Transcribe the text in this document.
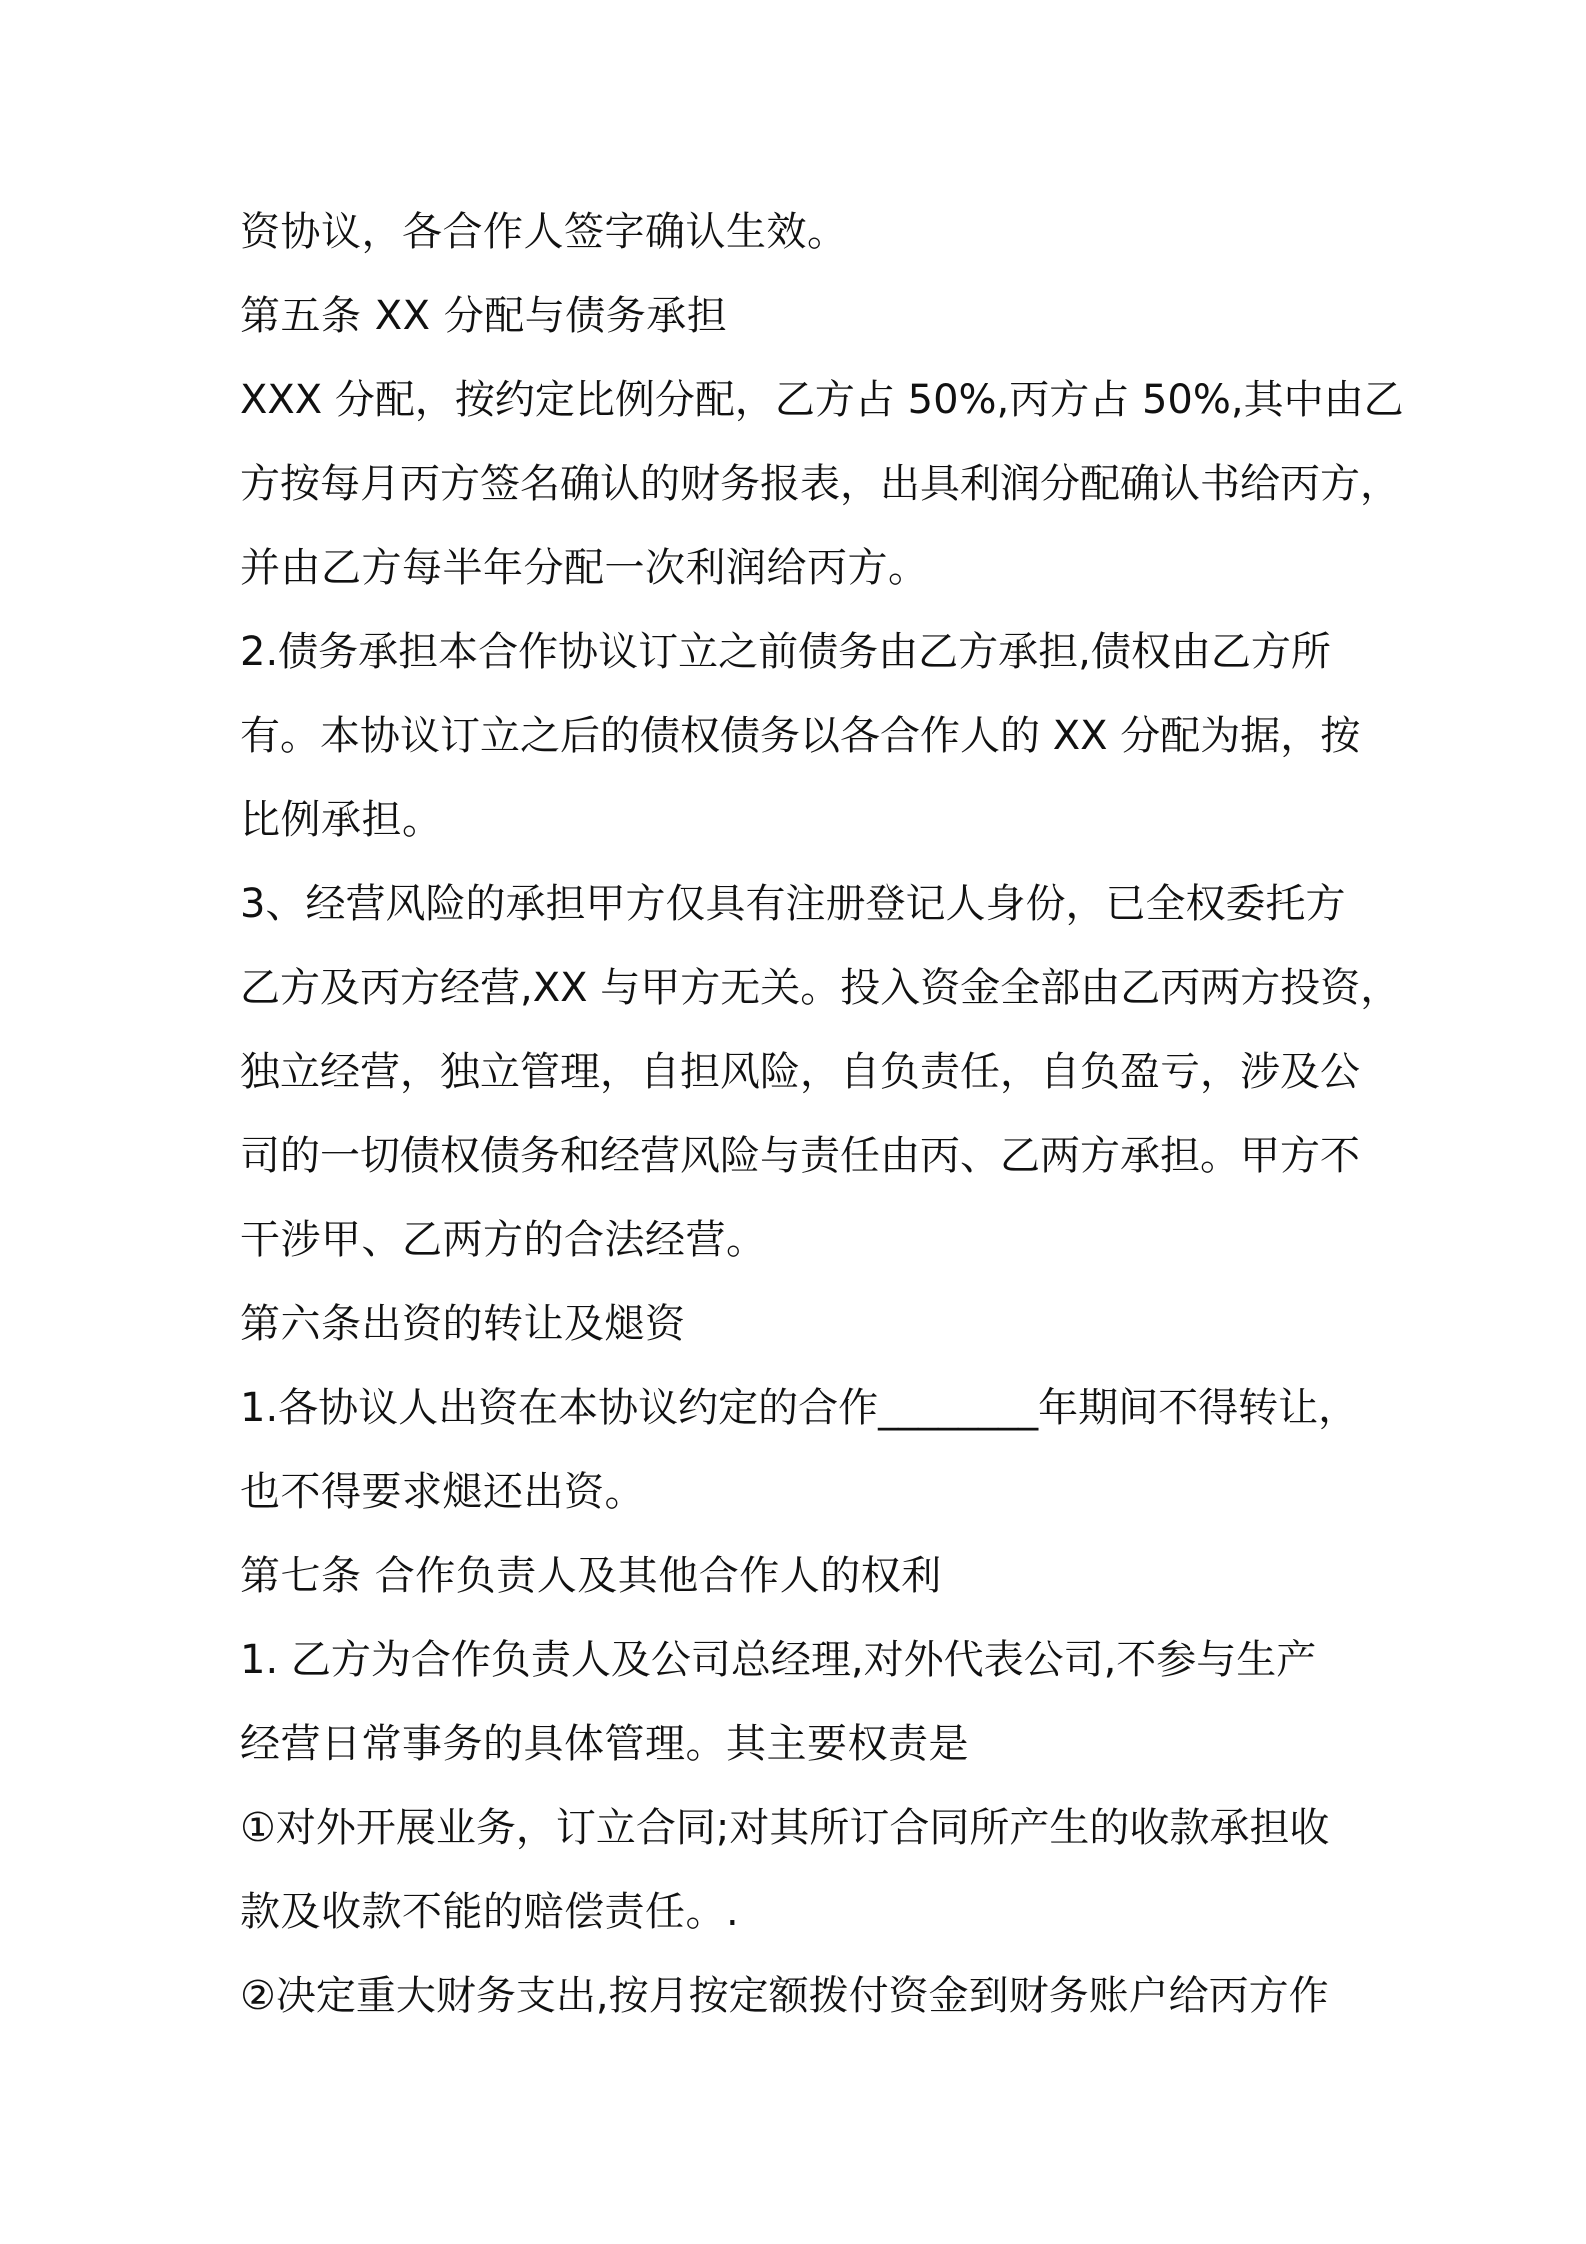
资协议，各合作人签字确认生效。
第五条 XX 分配与债务承担
XXX 分配，按约定比例分配，乙方占 50%,丙方占 50%,其中由乙
方按每月丙方签名确认的财务报表，出具利润分配确认书给丙方，
并由乙方每半年分配一次利润给丙方。
2.债务承担本合作协议订立之前债务由乙方承担,债权由乙方所
有。本协议订立之后的债权债务以各合作人的 XX 分配为据，按
比例承担。
3、经营风险的承担甲方仅具有注册登记人身份，已全权委托方
乙方及丙方经营,XX 与甲方无关。投入资金全部由乙丙两方投资，
独立经营，独立管理，自担风险，自负责任，自负盈亏，涉及公
司的一切债权债务和经营风险与责任由丙、乙两方承担。甲方不
干涉甲、乙两方的合法经营。
第六条出资的转让及煺资
1.各协议人出资在本协议约定的合作________年期间不得转让，
也不得要求煺还出资。
第七条 合作负责人及其他合作人的权利
1. 乙方为合作负责人及公司总经理,对外代表公司,不参与生产
经营日常事务的具体管理。其主要权责是
①对外开展业务，订立合同;对其所订合同所产生的收款承担收
款及收款不能的赔偿责任。.
②决定重大财务支出,按月按定额拨付资金到财务账户给丙方作
